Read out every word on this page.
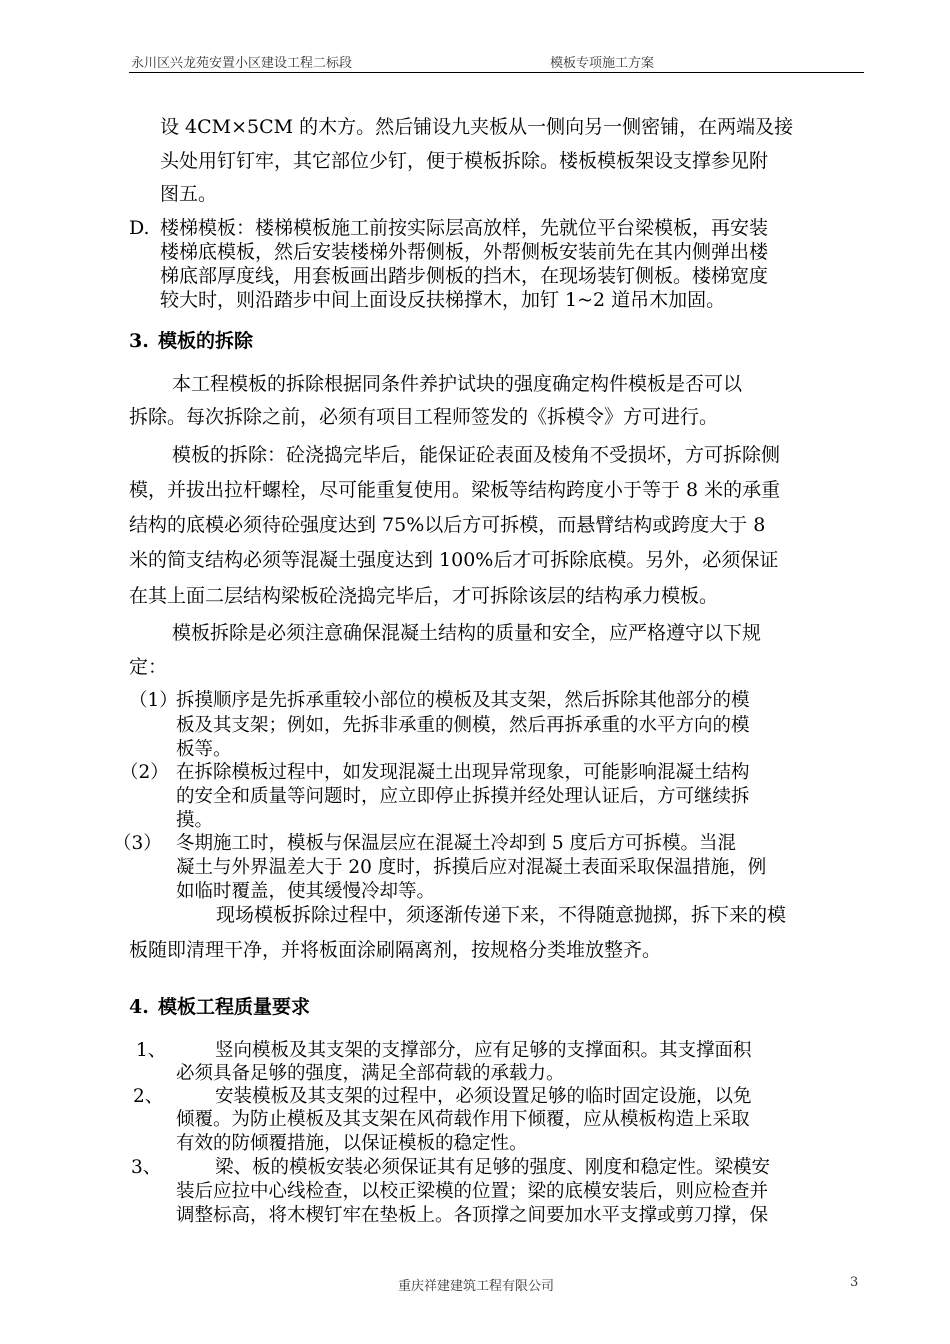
永川区兴龙苑安置小区建设工程二标段	模板专项施工方案
设 4CM×5CM 的木方。然后铺设九夹板从一侧向另一侧密铺，在两端及接
头处用钉钉牢，其它部位少钉，便于模板拆除。楼板模板架设支撑参见附
图五。
D. 楼梯模板：楼梯模板施工前按实际层高放样，先就位平台梁模板，再安装
楼梯底模板，然后安装楼梯外帮侧板，外帮侧板安装前先在其内侧弹出楼
梯底部厚度线，用套板画出踏步侧板的挡木，在现场装钉侧板。楼梯宽度
较大时，则沿踏步中间上面设反扶梯撑木，加钉 1~2 道吊木加固。
3. 模板的拆除
本工程模板的拆除根据同条件养护试块的强度确定构件模板是否可以
拆除。每次拆除之前，必须有项目工程师签发的《拆模令》方可进行。
模板的拆除：砼浇捣完毕后，能保证砼表面及棱角不受损坏，方可拆除侧
模，并拔出拉杆螺栓，尽可能重复使用。梁板等结构跨度小于等于 8 米的承重
结构的底模必须待砼强度达到 75%以后方可拆模，而悬臂结构或跨度大于 8
米的简支结构必须等混凝土强度达到 100%后才可拆除底模。另外，必须保证
在其上面二层结构梁板砼浇捣完毕后，才可拆除该层的结构承力模板。
模板拆除是必须注意确保混凝土结构的质量和安全，应严格遵守以下规
定：
（1）
拆摸顺序是先拆承重较小部位的模板及其支架，然后拆除其他部分的模
板及其支架；例如，先拆非承重的侧模，然后再拆承重的水平方向的模
板等。
（2） 在拆除模板过程中，如发现混凝土出现异常现象，可能影响混凝土结构
的安全和质量等问题时，应立即停止拆摸并经处理认证后，方可继续拆
摸。
（3） 冬期施工时，模板与保温层应在混凝土冷却到 5 度后方可拆模。当混
凝土与外界温差大于 20 度时，拆摸后应对混凝土表面采取保温措施，例
如临时覆盖，使其缓慢冷却等。
现场模板拆除过程中，须逐渐传递下来，不得随意抛掷，拆下来的模
板随即清理干净，并将板面涂刷隔离剂，按规格分类堆放整齐。
4. 模板工程质量要求
1、	竖向模板及其支架的支撑部分，应有足够的支撑面积。其支撑面积
必须具备足够的强度，满足全部荷载的承载力。
2、	安装模板及其支架的过程中，必须设置足够的临时固定设施，以免
倾覆。为防止模板及其支架在风荷载作用下倾覆，应从模板构造上采取
有效的防倾覆措施，以保证模板的稳定性。
3、	梁、板的模板安装必须保证其有足够的强度、刚度和稳定性。梁模安
装后应拉中心线检查，以校正梁模的位置；梁的底模安装后，则应检查并
调整标高，将木楔钉牢在垫板上。各顶撑之间要加水平支撑或剪刀撑，保
重庆祥建建筑工程有限公司	3
